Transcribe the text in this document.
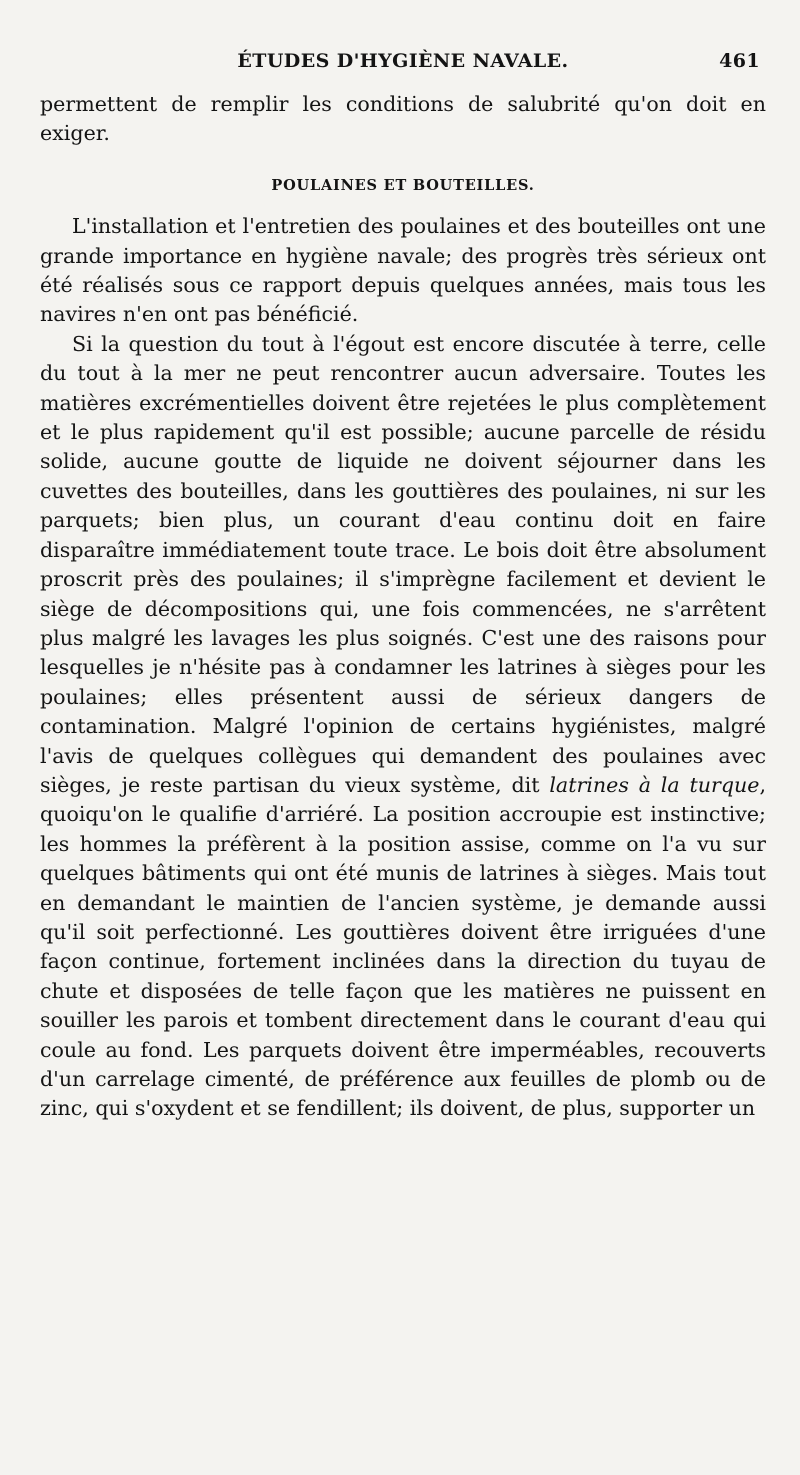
ÉTUDES D'HYGIÈNE NAVALE.	461

permettent de remplir les conditions de salubrité qu'on doit en exiger.

POULAINES ET BOUTEILLES.

L'installation et l'entretien des poulaines et des bouteilles ont une grande importance en hygiène navale; des progrès très sérieux ont été réalisés sous ce rapport depuis quelques années, mais tous les navires n'en ont pas bénéficié.

Si la question du tout à l'égout est encore discutée à terre, celle du tout à la mer ne peut rencontrer aucun adversaire. Toutes les matières excrémentielles doivent être rejetées le plus complètement et le plus rapidement qu'il est possible; aucune parcelle de résidu solide, aucune goutte de liquide ne doivent séjourner dans les cuvettes des bouteilles, dans les gouttières des poulaines, ni sur les parquets; bien plus, un courant d'eau continu doit en faire disparaître immédiatement toute trace. Le bois doit être absolument proscrit près des poulaines; il s'imprègne facilement et devient le siège de décompositions qui, une fois commencées, ne s'arrêtent plus malgré les lavages les plus soignés. C'est une des raisons pour lesquelles je n'hésite pas à condamner les latrines à sièges pour les poulaines; elles présentent aussi de sérieux dangers de contamination. Malgré l'opinion de certains hygiénistes, malgré l'avis de quelques collègues qui demandent des poulaines avec sièges, je reste partisan du vieux système, dit latrines à la turque, quoiqu'on le qualifie d'arriéré. La position accroupie est instinctive; les hommes la préfèrent à la position assise, comme on l'a vu sur quelques bâtiments qui ont été munis de latrines à sièges. Mais tout en demandant le maintien de l'ancien système, je demande aussi qu'il soit perfectionné. Les gouttières doivent être irriguées d'une façon continue, fortement inclinées dans la direction du tuyau de chute et disposées de telle façon que les matières ne puissent en souiller les parois et tombent directement dans le courant d'eau qui coule au fond. Les parquets doivent être imperméables, recouverts d'un carrelage cimenté, de préférence aux feuilles de plomb ou de zinc, qui s'oxydent et se fendillent; ils doivent, de plus, supporter un
